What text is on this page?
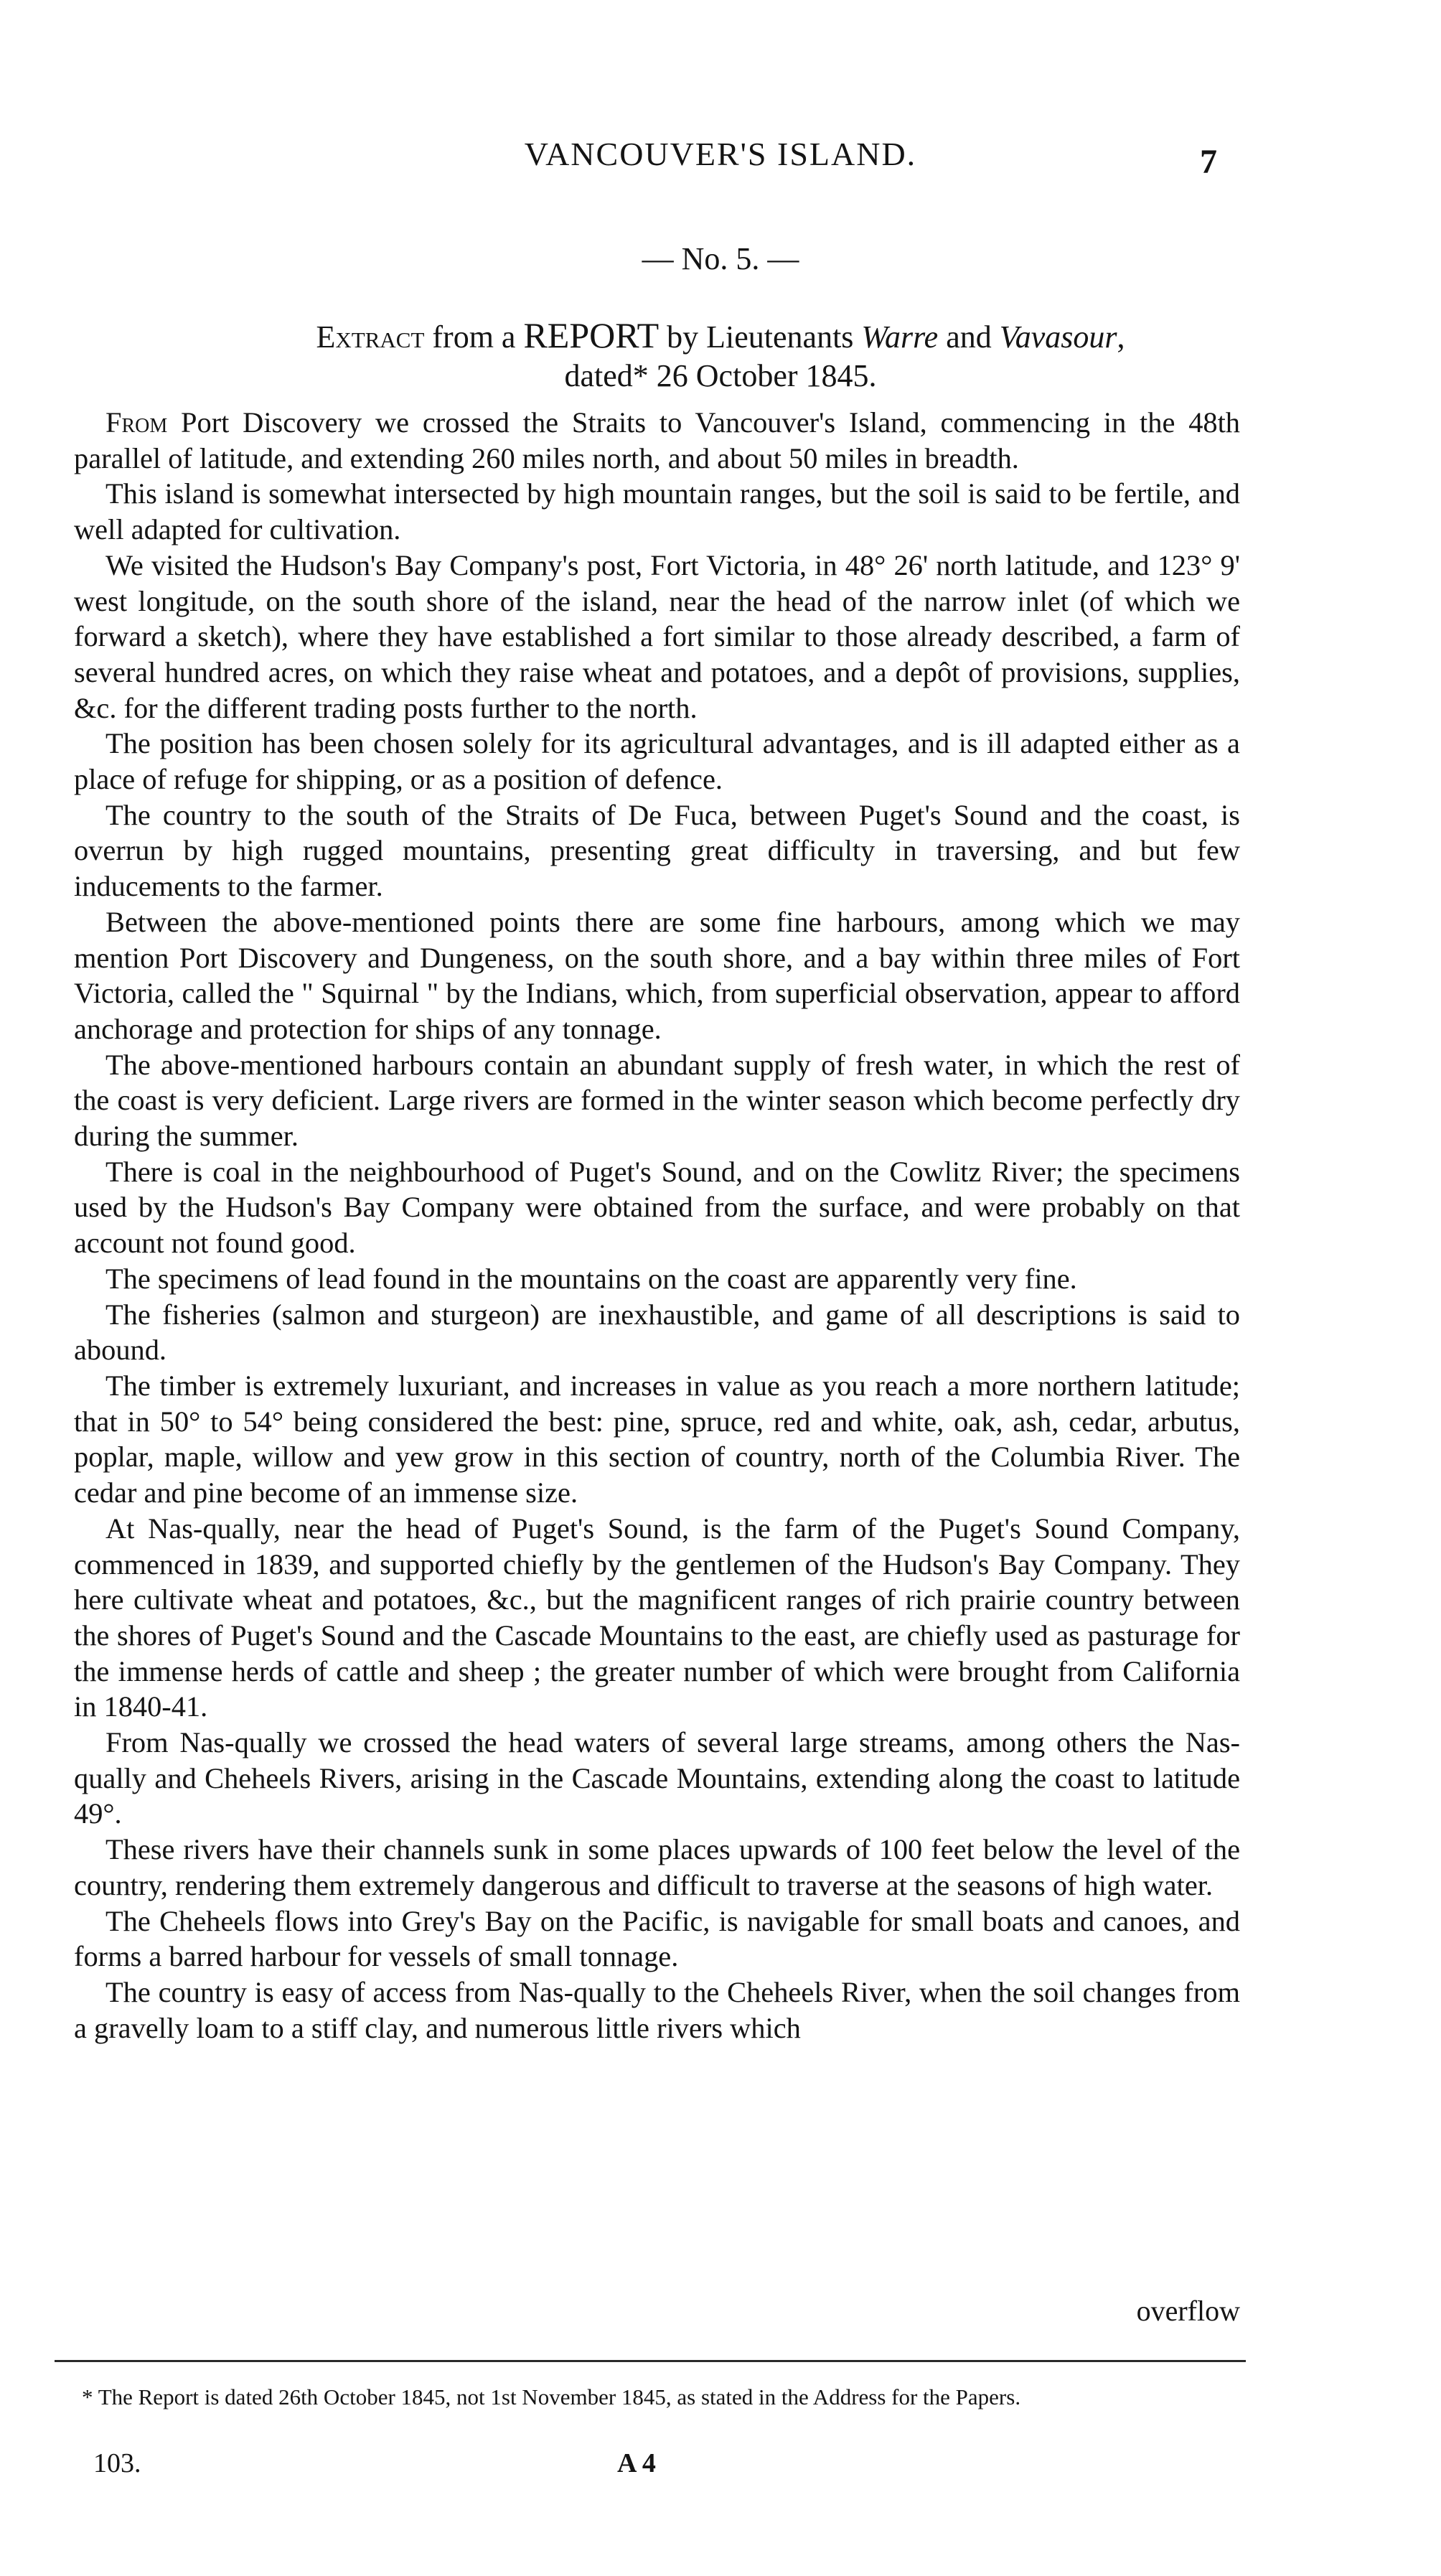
VANCOUVER'S ISLAND.	7
— No. 5. —
Extract from a REPORT by Lieutenants Warre and Vavasour,
dated* 26 October 1845.

From Port Discovery we crossed the Straits to Vancouver's Island, commencing in the 48th parallel of latitude, and extending 260 miles north, and about 50 miles in breadth.

This island is somewhat intersected by high mountain ranges, but the soil is said to be fertile, and well adapted for cultivation.

We visited the Hudson's Bay Company's post, Fort Victoria, in 48° 26' north latitude, and 123° 9' west longitude, on the south shore of the island, near the head of the narrow inlet (of which we forward a sketch), where they have established a fort similar to those already described, a farm of several hundred acres, on which they raise wheat and potatoes, and a depôt of provisions, supplies, &c. for the different trading posts further to the north.

The position has been chosen solely for its agricultural advantages, and is ill adapted either as a place of refuge for shipping, or as a position of defence.

The country to the south of the Straits of De Fuca, between Puget's Sound and the coast, is overrun by high rugged mountains, presenting great difficulty in traversing, and but few inducements to the farmer.

Between the above-mentioned points there are some fine harbours, among which we may mention Port Discovery and Dungeness, on the south shore, and a bay within three miles of Fort Victoria, called the " Squirnal " by the Indians, which, from superficial observation, appear to afford anchorage and protection for ships of any tonnage.

The above-mentioned harbours contain an abundant supply of fresh water, in which the rest of the coast is very deficient. Large rivers are formed in the winter season which become perfectly dry during the summer.

There is coal in the neighbourhood of Puget's Sound, and on the Cowlitz River; the specimens used by the Hudson's Bay Company were obtained from the surface, and were probably on that account not found good.

The specimens of lead found in the mountains on the coast are apparently very fine.

The fisheries (salmon and sturgeon) are inexhaustible, and game of all descriptions is said to abound.

The timber is extremely luxuriant, and increases in value as you reach a more northern latitude; that in 50° to 54° being considered the best: pine, spruce, red and white, oak, ash, cedar, arbutus, poplar, maple, willow and yew grow in this section of country, north of the Columbia River. The cedar and pine become of an immense size.

At Nas-qually, near the head of Puget's Sound, is the farm of the Puget's Sound Company, commenced in 1839, and supported chiefly by the gentlemen of the Hudson's Bay Company. They here cultivate wheat and potatoes, &c., but the magnificent ranges of rich prairie country between the shores of Puget's Sound and the Cascade Mountains to the east, are chiefly used as pasturage for the immense herds of cattle and sheep ; the greater number of which were brought from California in 1840-41.

From Nas-qually we crossed the head waters of several large streams, among others the Nas-qually and Cheheels Rivers, arising in the Cascade Mountains, extending along the coast to latitude 49°.

These rivers have their channels sunk in some places upwards of 100 feet below the level of the country, rendering them extremely dangerous and difficult to traverse at the seasons of high water.

The Cheheels flows into Grey's Bay on the Pacific, is navigable for small boats and canoes, and forms a barred harbour for vessels of small tonnage.

The country is easy of access from Nas-qually to the Cheheels River, when the soil changes from a gravelly loam to a stiff clay, and numerous little rivers which

overflow
* The Report is dated 26th October 1845, not 1st November 1845, as stated in the Address for the Papers.
103.	A 4
